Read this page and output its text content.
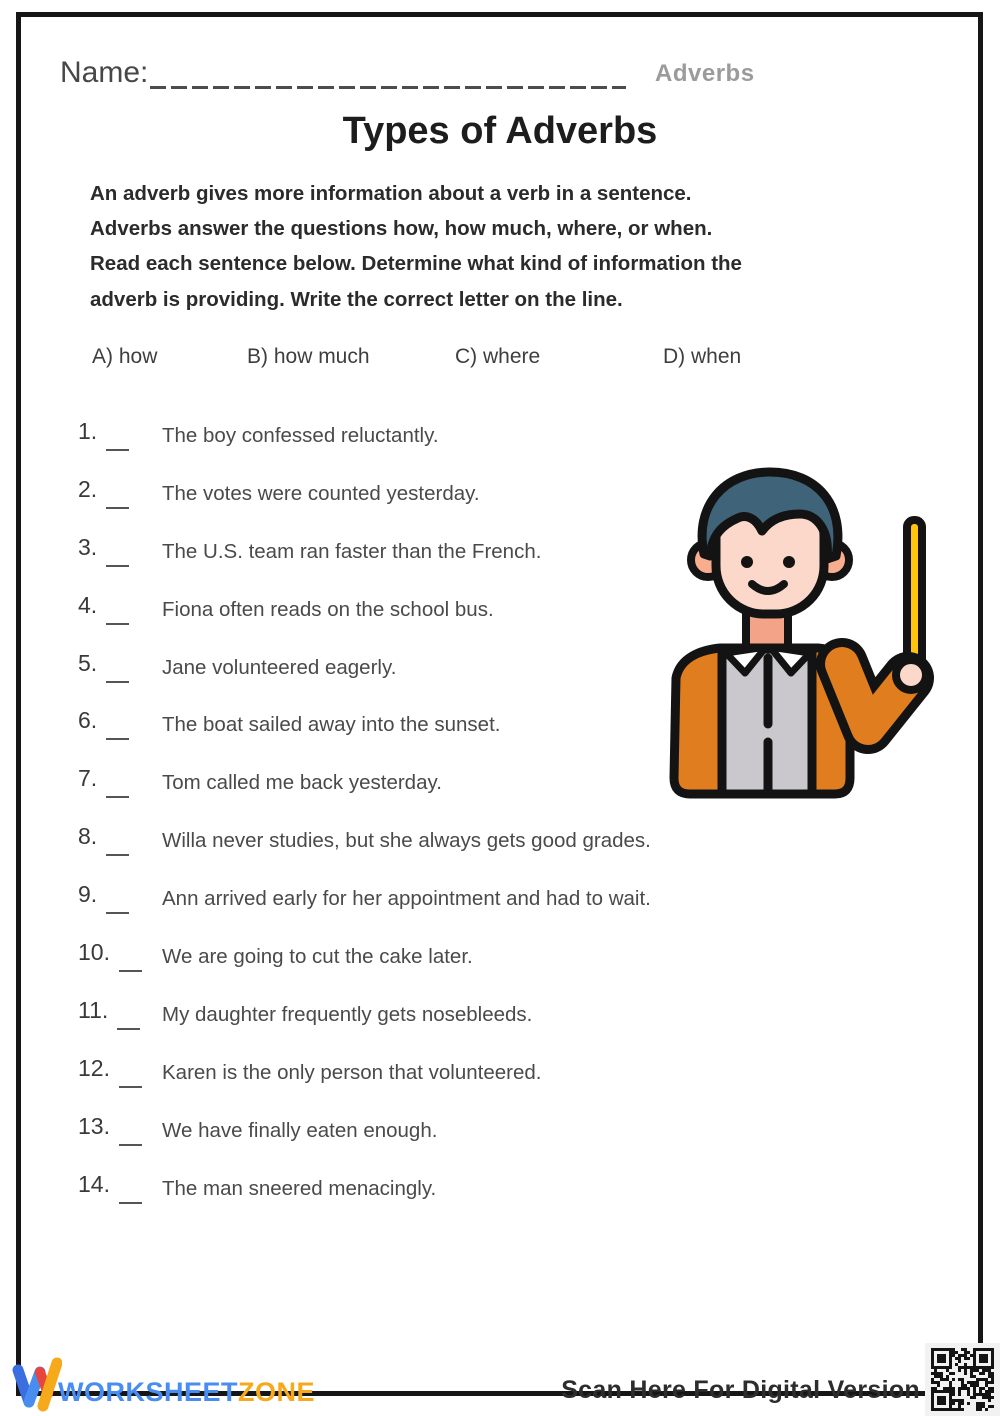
Name:	Adverbs
Types of Adverbs
An adverb gives more information about a verb in a sentence.
Adverbs answer the questions how, how much, where, or when.
Read each sentence below. Determine what kind of information the
adverb is providing. Write the correct letter on the line.
A) how	B) how much	C) where	D) when
1.	The boy confessed reluctantly.
2.	The votes were counted yesterday.
3.	The U.S. team ran faster than the French.
4.	Fiona often reads on the school bus.
5.	Jane volunteered eagerly.
6.	The boat sailed away into the sunset.
7.	Tom called me back yesterday.
8.	Willa never studies, but she always gets good grades.
9.	Ann arrived early for her appointment and had to wait.
10.	We are going to cut the cake later.
11.	My daughter frequently gets nosebleeds.
12.	Karen is the only person that volunteered.
13.	We have finally eaten enough.
14.	The man sneered menacingly.
WORKSHEETZONE	Scan Here For Digital Version
